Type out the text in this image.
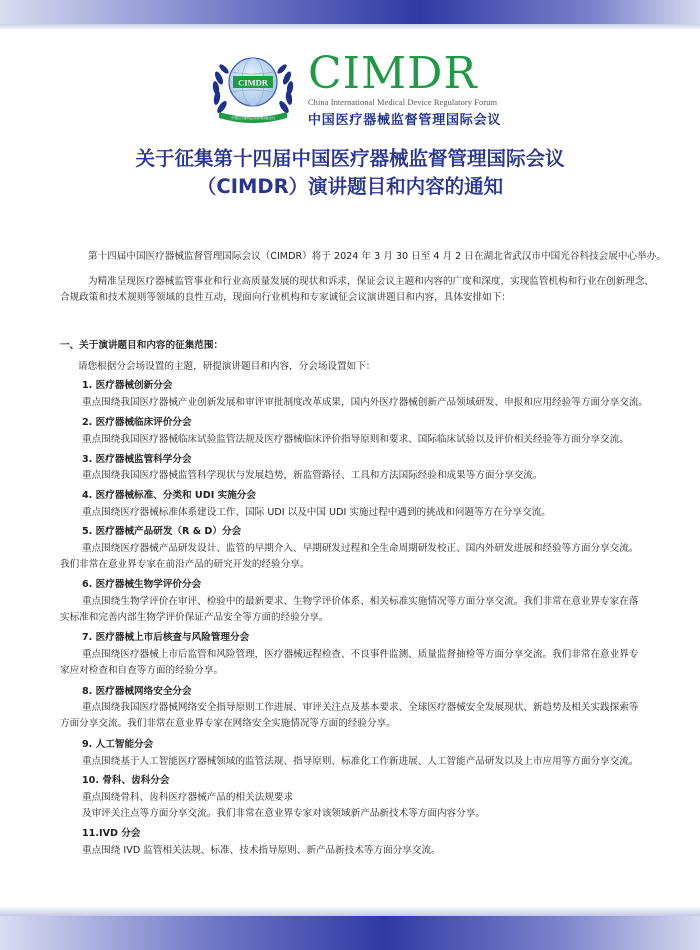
CIMDR
中国医疗器械监督管理国际会议
CIMDR
China International Medical Device Regulatory Forum
中国医疗器械监督管理国际会议
关于征集第十四届中国医疗器械监督管理国际会议
（CIMDR）演讲题目和内容的通知
第十四届中国医疗器械监督管理国际会议（CIMDR）将于 2024 年 3 月 30 日至 4 月 2 日在湖北省武汉市中国光谷科技会展中心举办。
为精准呈现医疗器械监管事业和行业高质量发展的现状和诉求，保证会议主题和内容的广度和深度，实现监管机构和行业在创新理念、
合规政策和技术规则等领域的良性互动，现面向行业机构和专家诚征会议演讲题目和内容，具体安排如下：
一、关于演讲题目和内容的征集范围：
请您根据分会场设置的主题，研提演讲题目和内容，分会场设置如下：
1. 医疗器械创新分会
重点围绕我国医疗器械产业创新发展和审评审批制度改革成果，国内外医疗器械创新产品领域研发、申报和应用经验等方面分享交流。
2. 医疗器械临床评价分会
重点围绕我国医疗器械临床试验监管法规及医疗器械临床评价指导原则和要求、国际临床试验以及评价相关经验等方面分享交流。
3. 医疗器械监管科学分会
重点围绕我国医疗器械监管科学现状与发展趋势，新监管路径、工具和方法国际经验和成果等方面分享交流。
4. 医疗器械标准、分类和 UDI 实施分会
重点围绕医疗器械标准体系建设工作、国际 UDI 以及中国 UDI 实施过程中遇到的挑战和问题等方在分享交流。
5. 医疗器械产品研发（R & D）分会
重点围绕医疗器械产品研发设计、监管的早期介入、早期研发过程和全生命周期研发校正、国内外研发进展和经验等方面分享交流。
我们非常在意业界专家在前沿产品的研究开发的经验分享。
6. 医疗器械生物学评价分会
重点围绕生物学评价在审评、检验中的最新要求、生物学评价体系、相关标准实施情况等方面分享交流。我们非常在意业界专家在落
实标准和完善内部生物学评价保证产品安全等方面的经验分享。
7. 医疗器械上市后核查与风险管理分会
重点围绕医疗器械上市后监管和风险管理，医疗器械远程检查、不良事件监测、质量监督抽检等方面分享交流。我们非常在意业界专
家应对检查和自查等方面的经验分享。
8. 医疗器械网络安全分会
重点围绕我国医疗器械网络安全指导原则工作进展、审评关注点及基本要求、全球医疗器械安全发展现状、新趋势及相关实践探索等
方面分享交流。我们非常在意业界专家在网络安全实施情况等方面的经验分享。
9. 人工智能分会
重点围绕基于人工智能医疗器械领域的监管法规、指导原则、标准化工作新进展、人工智能产品研发以及上市应用等方面分享交流。
10. 骨科、齿科分会
重点围绕骨科、齿科医疗器械产品的相关法规要求
及审评关注点等方面分享交流。我们非常在意业界专家对该领域新产品新技术等方面内容分享。
11.IVD 分会
重点围绕 IVD 监管相关法规、标准、技术指导原则、新产品新技术等方面分享交流。
